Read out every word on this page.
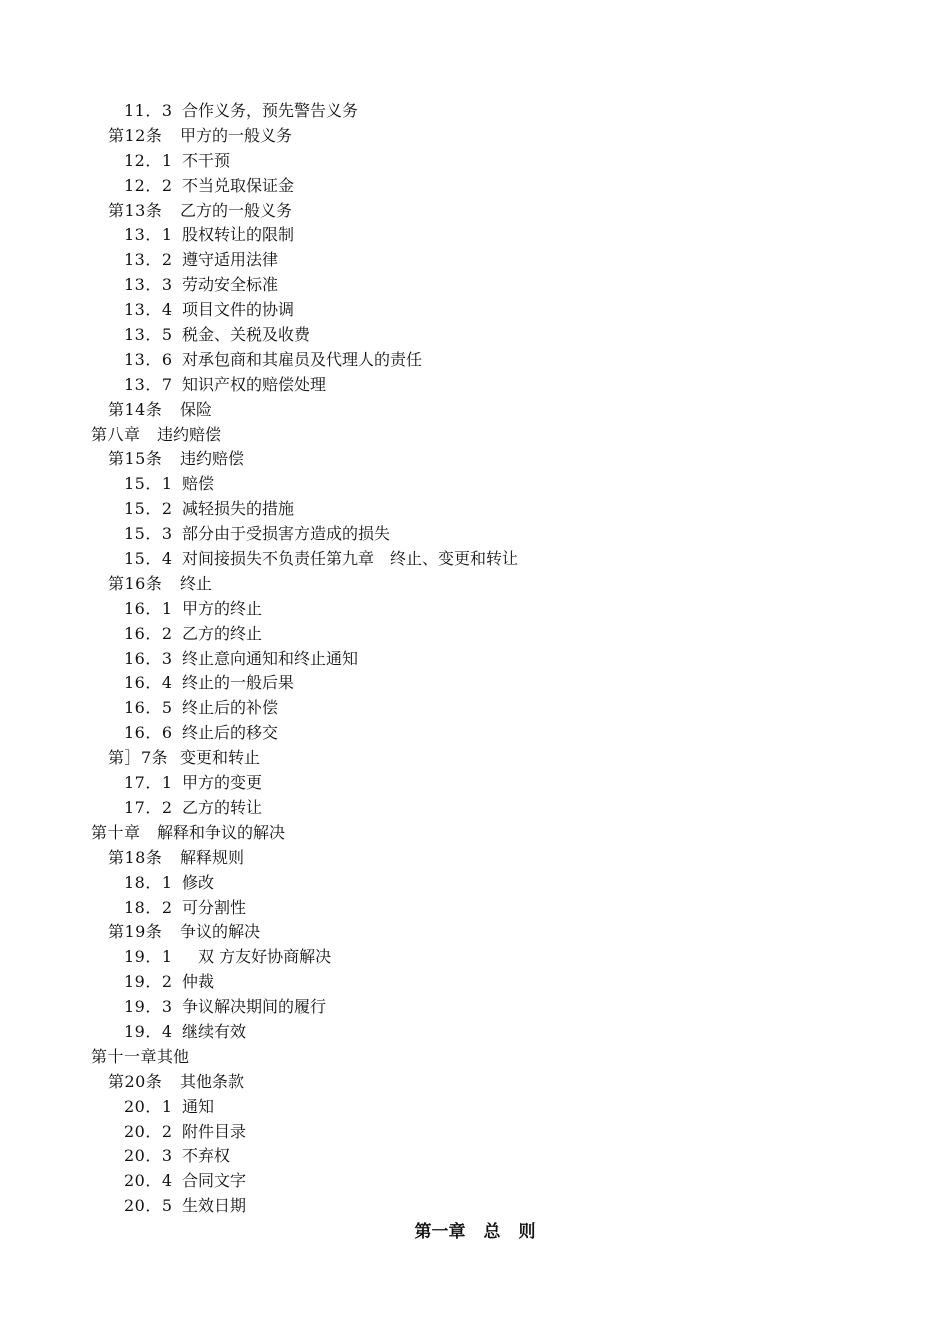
11．3 合作义务，预先警告义务
第12条 甲方的一般义务
12．1 不干预
12．2 不当兑取保证金
第13条 乙方的一般义务
13．1 股权转让的限制
13．2 遵守适用法律
13．3 劳动安全标准
13．4 项目文件的协调
13．5 税金、关税及收费
13．6 对承包商和其雇员及代理人的责任
13．7 知识产权的赔偿处理
第14条 保险
第八章 违约赔偿
第15条 违约赔偿
15．1 赔偿
15．2 减轻损失的措施
15．3 部分由于受损害方造成的损失
15．4 对间接损失不负责任第九章　终止、变更和转让
第16条 终止
16．1 甲方的终止
16．2 乙方的终止
16．3 终止意向通知和终止通知
16．4 终止的一般后果
16．5 终止后的补偿
16．6 终止后的移交
第］7条 变更和转止
17．1 甲方的变更
17．2 乙方的转让
第十章 解释和争议的解决
第18条 解释规则
18．1 修改
18．2 可分割性
第19条 争议的解决
19．1　双 方友好协商解决
19．2 仲裁
19．3 争议解决期间的履行
19．4 继续有效
第十一章其他
第20条 其他条款
20．1 通知
20．2 附件目录
20．3 不弃权
20．4 合同文字
20．5 生效日期
第一章 总 则
